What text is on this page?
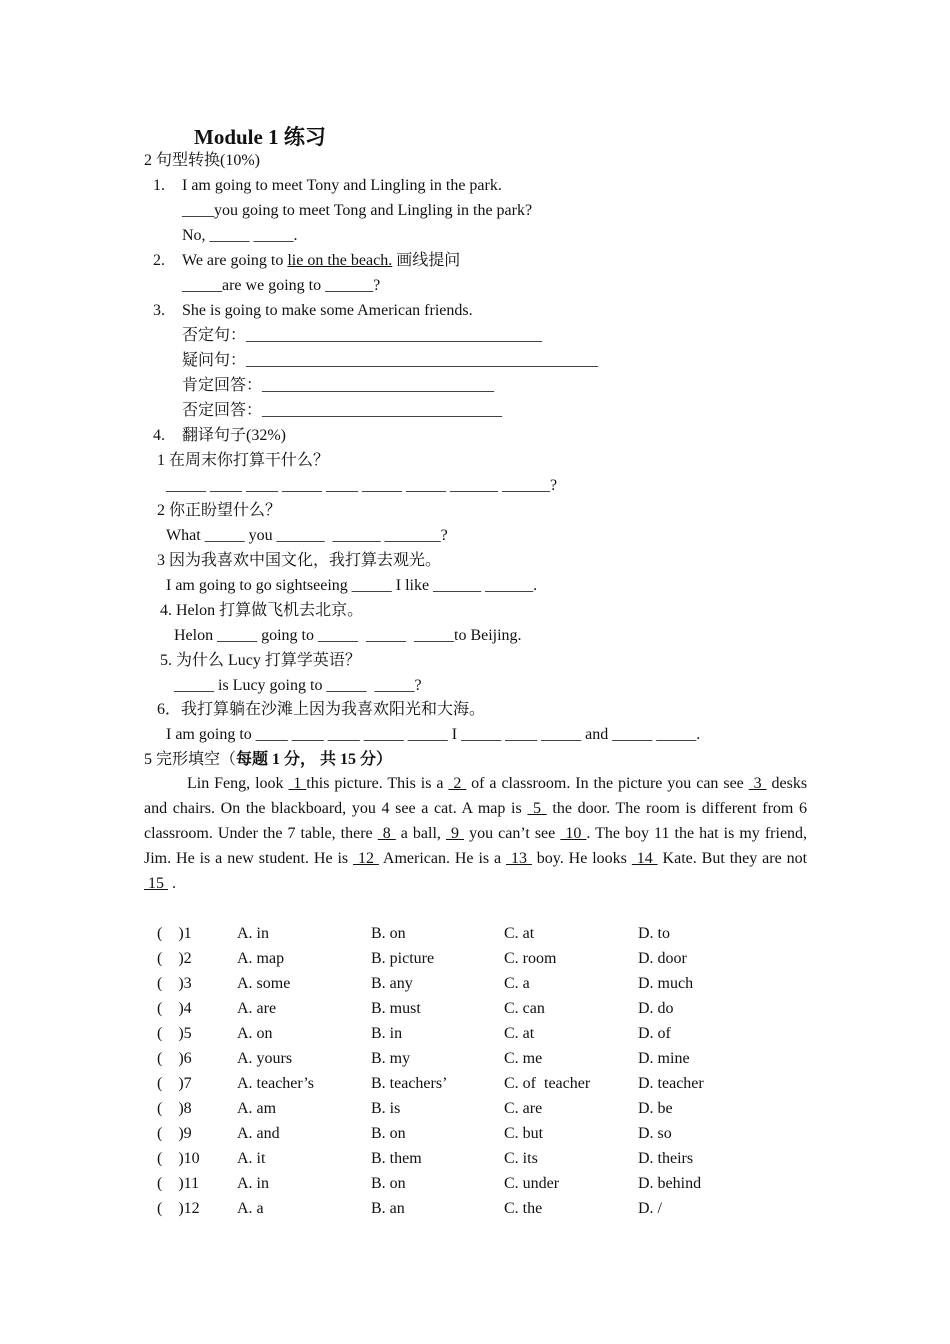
Module 1 练习
2 句型转换(10%)
1. I am going to meet Tony and Lingling in the park.
____you going to meet Tong and Lingling in the park?
No, _____ _____.
2. We are going to lie on the beach. 画线提问
_____are we going to ______?
3. She is going to make some American friends.
否定句：_____________________________________
疑问句：____________________________________________
肯定回答：_____________________________
否定回答：______________________________
4. 翻译句子(32%)
1 在周末你打算干什么？
_____ ____ ____ _____ ____ _____ _____ ______ ______?
2 你正盼望什么？
What _____ you ______  ______ _______?
3 因为我喜欢中国文化，我打算去观光。
I am going to go sightseeing _____ I like ______ ______.
4. Helon 打算做飞机去北京。
Helon _____ going to _____  _____  _____to Beijing.
5. 为什么 Lucy 打算学英语？
_____ is Lucy going to _____  _____?
6．我打算躺在沙滩上因为我喜欢阳光和大海。
I am going to ____ ____ ____ _____ _____ I _____ ____ _____ and _____ _____.
5 完形填空（每题 1 分， 共 15 分）
Lin Feng, look  1 this picture. This is a  2  of a classroom. In the picture you can see  3  desks and chairs. On the blackboard, you 4 see a cat. A map is  5  the door. The room is different from 6 classroom. Under the 7 table, there  8  a ball,  9  you can’t see  10 . The boy 11 the hat is my friend, Jim. He is a new student. He is  12  American. He is a  13  boy. He looks  14  Kate. But they are not  15  .
(    )1	A. in	B. on	C. at	D. to
(    )2	A. map	B. picture	C. room	D. door
(    )3	A. some	B. any	C. a	D. much
(    )4	A. are	B. must	C. can	D. do
(    )5	A. on	B. in	C. at	D. of
(    )6	A. yours	B. my	C. me	D. mine
(    )7	A. teacher’s	B. teachers’	C. of  teacher	D. teacher
(    )8	A. am	B. is	C. are	D. be
(    )9	A. and	B. on	C. but	D. so
(    )10 A. it	B. them	C. its	D. theirs
(    )11 A. in	B. on	C. under	D. behind
(    )12 A. a	B. an	C. the	D. /
